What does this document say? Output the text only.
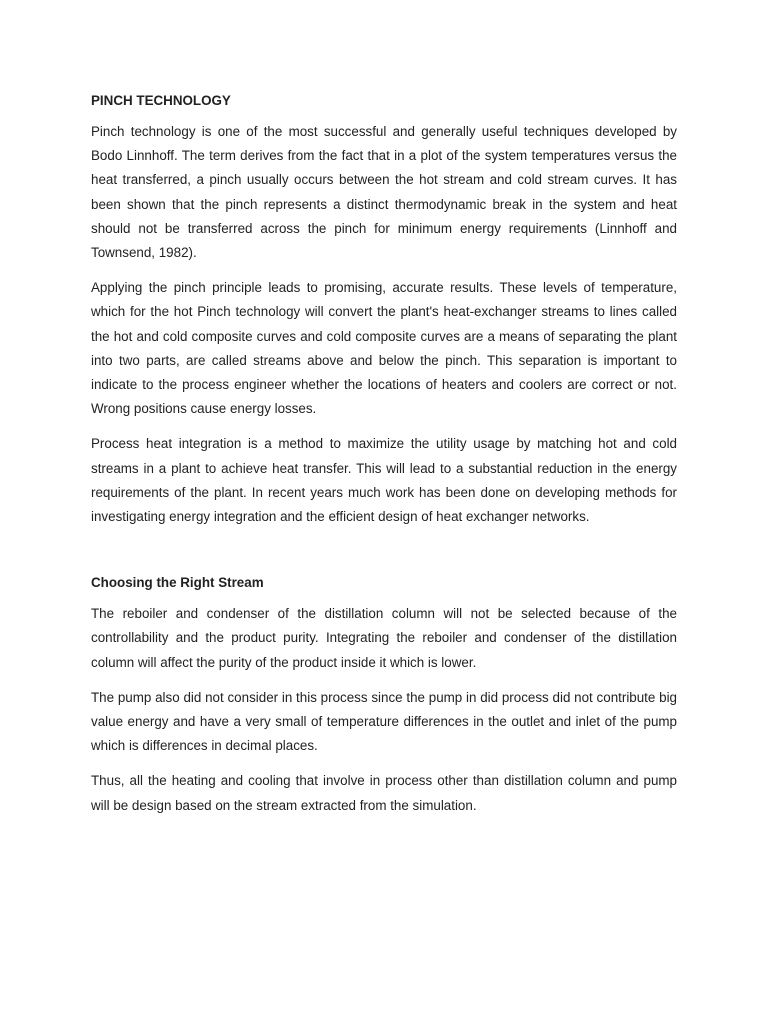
PINCH TECHNOLOGY

Pinch technology is one of the most successful and generally useful techniques developed by Bodo Linnhoff. The term derives from the fact that in a plot of the system temperatures versus the heat transferred, a pinch usually occurs between the hot stream and cold stream curves. It has been shown that the pinch represents a distinct thermodynamic break in the system and heat should not be transferred across the pinch for minimum energy requirements (Linnhoff and Townsend, 1982).

Applying the pinch principle leads to promising, accurate results. These levels of temperature, which for the hot Pinch technology will convert the plant's heat-exchanger streams to lines called the hot and cold composite curves and cold composite curves are a means of separating the plant into two parts, are called streams above and below the pinch. This separation is important to indicate to the process engineer whether the locations of heaters and coolers are correct or not. Wrong positions cause energy losses.

Process heat integration is a method to maximize the utility usage by matching hot and cold streams in a plant to achieve heat transfer. This will lead to a substantial reduction in the energy requirements of the plant. In recent years much work has been done on developing methods for investigating energy integration and the efficient design of heat exchanger networks.

Choosing the Right Stream

The reboiler and condenser of the distillation column will not be selected because of the controllability and the product purity. Integrating the reboiler and condenser of the distillation column will affect the purity of the product inside it which is lower.

The pump also did not consider in this process since the pump in did process did not contribute big value energy and have a very small of temperature differences in the outlet and inlet of the pump which is differences in decimal places.

Thus, all the heating and cooling that involve in process other than distillation column and pump will be design based on the stream extracted from the simulation.
